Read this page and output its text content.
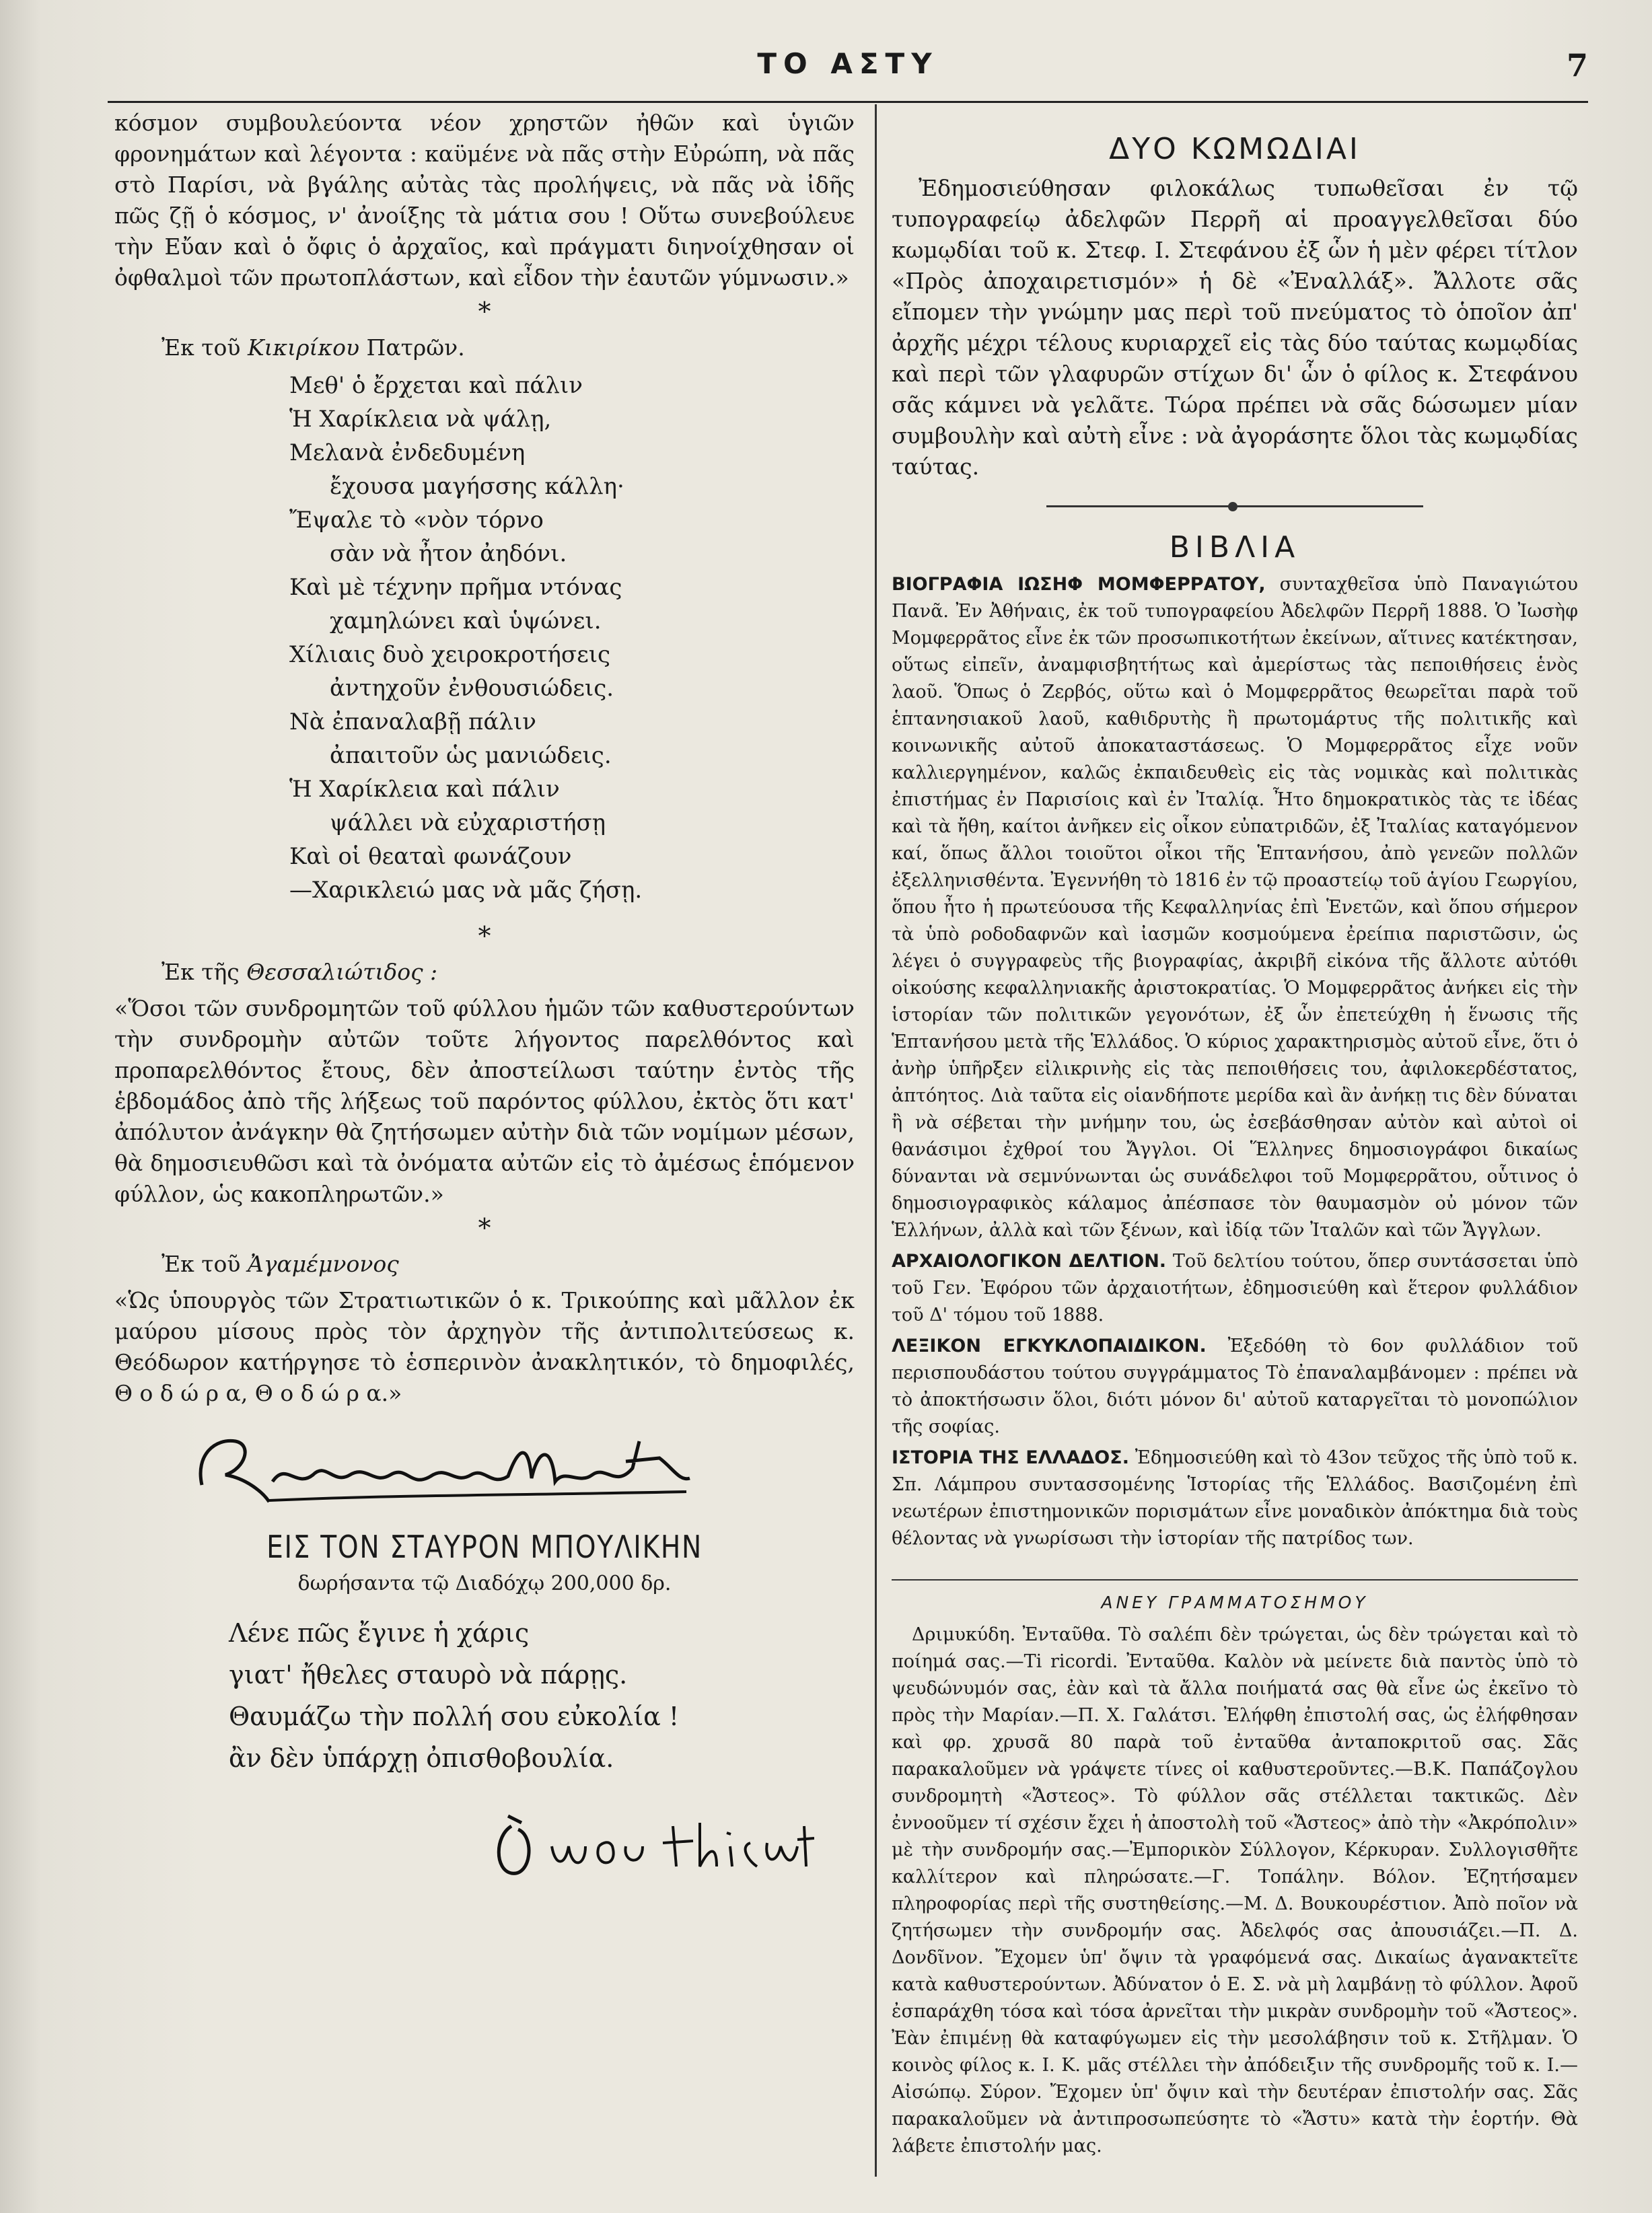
ΤΟ ΑΣΤΥ	7

κόσμον συμβουλεύοντα νέον χρηστῶν ἠθῶν καὶ ὑγιῶν φρονημάτων καὶ λέγοντα : καϋμένε νὰ πᾶς στὴν Εὐρώπη, νὰ πᾶς στὸ Παρίσι, νὰ βγάλης αὐτὰς τὰς προλήψεις, νὰ πᾶς νὰ ἰδῆς πῶς ζῇ ὁ κόσμος, ν' ἀνοίξης τὰ μάτια σου ! Οὕτω συνεβούλευε τὴν Εὔαν καὶ ὁ ὄφις ὁ ἀρχαῖος, καὶ πράγματι διηνοίχθησαν οἱ ὀφθαλμοὶ τῶν πρωτοπλάστων, καὶ εἶδον τὴν ἑαυτῶν γύμνωσιν.»

*
Ἐκ τοῦ Κικιρίκου Πατρῶν.
Μεθ' ὁ ἔρχεται καὶ πάλιν
Ἡ Χαρίκλεια νὰ ψάλῃ,
Μελανὰ ἐνδεδυμένη
ἔχουσα μαγήσσης κάλλη·
Ἔψαλε τὸ «νὸν τόρνο
σὰν νὰ ἦτον ἀηδόνι.
Καὶ μὲ τέχνην πρῆμα ντόνας
χαμηλώνει καὶ ὑψώνει.
Χίλιαις δυὸ χειροκροτήσεις
ἀντηχοῦν ἐνθουσιώδεις.
Νὰ ἐπαναλαβῇ πάλιν
ἀπαιτοῦν ὡς μανιώδεις.
Ἡ Χαρίκλεια καὶ πάλιν
ψάλλει νὰ εὐχαριστήσῃ
Καὶ οἱ θεαταὶ φωνάζουν
—Χαρικλειώ μας νὰ μᾶς ζήσῃ.
*
Ἐκ τῆς Θεσσαλιώτιδος :

«Ὅσοι τῶν συνδρομητῶν τοῦ φύλλου ἡμῶν τῶν καθυστερούντων τὴν συνδρομὴν αὐτῶν τοῦτε λήγοντος παρελθόντος καὶ προπαρελθόντος ἔτους, δὲν ἀποστείλωσι ταύτην ἐντὸς τῆς ἑβδομάδος ἀπὸ τῆς λήξεως τοῦ παρόντος φύλλου, ἐκτὸς ὅτι κατ' ἀπόλυτον ἀνάγκην θὰ ζητήσωμεν αὐτὴν διὰ τῶν νομίμων μέσων, θὰ δημοσιευθῶσι καὶ τὰ ὀνόματα αὐτῶν εἰς τὸ ἀμέσως ἑπόμενον φύλλον, ὡς κακοπληρωτῶν.»

*
Ἐκ τοῦ Ἀγαμέμνονος

«Ὡς ὑπουργὸς τῶν Στρατιωτικῶν ὁ κ. Τρικούπης καὶ μᾶλλον ἐκ μαύρου μίσους πρὸς τὸν ἀρχηγὸν τῆς ἀντιπολιτεύσεως κ. Θεόδωρον κατήργησε τὸ ἑσπερινὸν ἀνακλητικόν, τὸ δημοφιλές, Θ ο δ ώ ρ α, Θ ο δ ώ ρ α.»

ΕΙΣ ΤΟΝ ΣΤΑΥΡΟΝ ΜΠΟΥΛΙΚΗΝ
δωρήσαντα τῷ Διαδόχῳ 200,000 δρ.
Λένε πῶς ἔγινε ἡ χάρις
γιατ' ἤθελες σταυρὸ νὰ πάρῃς.
Θαυμάζω τὴν πολλή σου εὐκολία !
ἂν δὲν ὑπάρχῃ ὀπισθοβουλία.
ΔΥΟ ΚΩΜΩΔΙΑΙ

Ἐδημοσιεύθησαν φιλοκάλως τυπωθεῖσαι ἐν τῷ τυπογραφείῳ ἀδελφῶν Περρῆ αἱ προαγγελθεῖσαι δύο κωμῳδίαι τοῦ κ. Στεφ. Ι. Στεφάνου ἐξ ὧν ἡ μὲν φέρει τίτλον «Πρὸς ἀποχαιρετισμόν» ἡ δὲ «Ἐναλλάξ». Ἄλλοτε σᾶς εἴπομεν τὴν γνώμην μας περὶ τοῦ πνεύματος τὸ ὁποῖον ἀπ' ἀρχῆς μέχρι τέλους κυριαρχεῖ εἰς τὰς δύο ταύτας κωμῳδίας καὶ περὶ τῶν γλαφυρῶν στίχων δι' ὧν ὁ φίλος κ. Στεφάνου σᾶς κάμνει νὰ γελᾶτε. Τώρα πρέπει νὰ σᾶς δώσωμεν μίαν συμβουλὴν καὶ αὐτὴ εἶνε : νὰ ἀγοράσητε ὅλοι τὰς κωμῳδίας ταύτας.

ΒΙΒΛΙΑ

ΒΙΟΓΡΑΦΙΑ ΙΩΣΗΦ ΜΟΜΦΕΡΡΑΤΟΥ, συνταχθεῖσα ὑπὸ Παναγιώτου Πανᾶ. Ἐν Ἀθήναις, ἐκ τοῦ τυπογραφείου Ἀδελφῶν Περρῆ 1888. Ὁ Ἰωσὴφ Μομφερρᾶτος εἶνε ἐκ τῶν προσωπικοτήτων ἐκείνων, αἵτινες κατέκτησαν, οὕτως εἰπεῖν, ἀναμφισβητήτως καὶ ἀμερίστως τὰς πεποιθήσεις ἑνὸς λαοῦ. Ὅπως ὁ Ζερβός, οὕτω καὶ ὁ Μομφερρᾶτος θεωρεῖται παρὰ τοῦ ἑπτανησιακοῦ λαοῦ, καθιδρυτὴς ἢ πρωτομάρτυς τῆς πολιτικῆς καὶ κοινωνικῆς αὐτοῦ ἀποκαταστάσεως. Ὁ Μομφερρᾶτος εἶχε νοῦν καλλιεργημένον, καλῶς ἐκπαιδευθεὶς εἰς τὰς νομικὰς καὶ πολιτικὰς ἐπιστήμας ἐν Παρισίοις καὶ ἐν Ἰταλίᾳ. Ἦτο δημοκρατικὸς τὰς τε ἰδέας καὶ τὰ ἤθη, καίτοι ἀνῆκεν εἰς οἶκον εὐπατριδῶν, ἐξ Ἰταλίας καταγόμενον καί, ὅπως ἄλλοι τοιοῦτοι οἶκοι τῆς Ἑπτανήσου, ἀπὸ γενεῶν πολλῶν ἐξελληνισθέντα. Ἐγεννήθη τὸ 1816 ἐν τῷ προαστείῳ τοῦ ἁγίου Γεωργίου, ὅπου ἦτο ἡ πρωτεύουσα τῆς Κεφαλληνίας ἐπὶ Ἑνετῶν, καὶ ὅπου σήμερον τὰ ὑπὸ ροδοδαφνῶν καὶ ἰασμῶν κοσμούμενα ἐρείπια παριστῶσιν, ὡς λέγει ὁ συγγραφεὺς τῆς βιογραφίας, ἀκριβῆ εἰκόνα τῆς ἄλλοτε αὐτόθι οἰκούσης κεφαλληνιακῆς ἀριστοκρατίας. Ὁ Μομφερρᾶτος ἀνήκει εἰς τὴν ἱστορίαν τῶν πολιτικῶν γεγονότων, ἐξ ὧν ἐπετεύχθη ἡ ἕνωσις τῆς Ἑπτανήσου μετὰ τῆς Ἑλλάδος. Ὁ κύριος χαρακτηρισμὸς αὐτοῦ εἶνε, ὅτι ὁ ἀνὴρ ὑπῆρξεν εἰλικρινὴς εἰς τὰς πεποιθήσεις του, ἀφιλοκερδέστατος, ἀπτόητος. Διὰ ταῦτα εἰς οἱανδήποτε μερίδα καὶ ἂν ἀνήκῃ τις δὲν δύναται ἢ νὰ σέβεται τὴν μνήμην του, ὡς ἐσεβάσθησαν αὐτὸν καὶ αὐτοὶ οἱ θανάσιμοι ἐχθροί του Ἄγγλοι. Οἱ Ἕλληνες δημοσιογράφοι δικαίως δύνανται νὰ σεμνύνωνται ὡς συνάδελφοι τοῦ Μομφερρᾶτου, οὗτινος ὁ δημοσιογραφικὸς κάλαμος ἀπέσπασε τὸν θαυμασμὸν οὐ μόνον τῶν Ἑλλήνων, ἀλλὰ καὶ τῶν ξένων, καὶ ἰδίᾳ τῶν Ἰταλῶν καὶ τῶν Ἄγγλων.

ΑΡΧΑΙΟΛΟΓΙΚΟΝ ΔΕΛΤΙΟΝ. Τοῦ δελτίου τούτου, ὅπερ συντάσσεται ὑπὸ τοῦ Γεν. Ἐφόρου τῶν ἀρχαιοτήτων, ἐδημοσιεύθη καὶ ἕτερον φυλλάδιον τοῦ Δ' τόμου τοῦ 1888.

ΛΕΞΙΚΟΝ ΕΓΚΥΚΛΟΠΑΙΔΙΚΟΝ. Ἐξεδόθη τὸ 6ον φυλλάδιον τοῦ περισπουδάστου τούτου συγγράμματος Τὸ ἐπαναλαμβάνομεν : πρέπει νὰ τὸ ἀποκτήσωσιν ὅλοι, διότι μόνον δι' αὐτοῦ καταργεῖται τὸ μονοπώλιον τῆς σοφίας.

ΙΣΤΟΡΙΑ ΤΗΣ ΕΛΛΑΔΟΣ. Ἐδημοσιεύθη καὶ τὸ 43ον τεῦχος τῆς ὑπὸ τοῦ κ. Σπ. Λάμπρου συντασσομένης Ἱστορίας τῆς Ἑλλάδος. Βασιζομένη ἐπὶ νεωτέρων ἐπιστημονικῶν πορισμάτων εἶνε μοναδικὸν ἀπόκτημα διὰ τοὺς θέλοντας νὰ γνωρίσωσι τὴν ἱστορίαν τῆς πατρίδος των.

ΑΝΕΥ ΓΡΑΜΜΑΤΟΣΗΜΟΥ

Δριμυκύδη. Ἐνταῦθα. Τὸ σαλέπι δὲν τρώγεται, ὡς δὲν τρώγεται καὶ τὸ ποίημά σας.—Ti ricordi. Ἐνταῦθα. Καλὸν νὰ μείνετε διὰ παντὸς ὑπὸ τὸ ψευδώνυμόν σας, ἐὰν καὶ τὰ ἄλλα ποιήματά σας θὰ εἶνε ὡς ἐκεῖνο τὸ πρὸς τὴν Μαρίαν.—Π. Χ. Γαλάτσι. Ἐλήφθη ἐπιστολή σας, ὡς ἐλήφθησαν καὶ φρ. χρυσᾶ 80 παρὰ τοῦ ἐνταῦθα ἀνταποκριτοῦ σας. Σᾶς παρακαλοῦμεν νὰ γράψετε τίνες οἱ καθυστεροῦντες.—Β.Κ. Παπάζογλου συνδρομητὴ «Ἄστεος». Τὸ φύλλον σᾶς στέλλεται τακτικῶς. Δὲν ἐννοοῦμεν τί σχέσιν ἔχει ἡ ἀποστολὴ τοῦ «Ἄστεος» ἀπὸ τὴν «Ἀκρόπολιν» μὲ τὴν συνδρομήν σας.—Ἐμπορικὸν Σύλλογον, Κέρκυραν. Συλλογισθῆτε καλλίτερον καὶ πληρώσατε.—Γ. Τοπάλην. Βόλον. Ἐζητήσαμεν πληροφορίας περὶ τῆς συστηθείσης.—Μ. Δ. Βουκουρέστιον. Ἀπὸ ποῖον νὰ ζητήσωμεν τὴν συνδρομήν σας. Ἀδελφός σας ἀπουσιάζει.—Π. Δ. Δονδῖνον. Ἔχομεν ὑπ' ὄψιν τὰ γραφόμενά σας. Δικαίως ἀγανακτεῖτε κατὰ καθυστερούντων. Ἀδύνατον ὁ Ε. Σ. νὰ μὴ λαμβάνῃ τὸ φύλλον. Ἀφοῦ ἐσπαράχθη τόσα καὶ τόσα ἀρνεῖται τὴν μικρὰν συνδρομὴν τοῦ «Ἄστεος». Ἐὰν ἐπιμένῃ θὰ καταφύγωμεν εἰς τὴν μεσολάβησιν τοῦ κ. Στῆλμαν. Ὁ κοινὸς φίλος κ. Ι. Κ. μᾶς στέλλει τὴν ἀπόδειξιν τῆς συνδρομῆς τοῦ κ. Ι.—Αἰσώπῳ. Σύρον. Ἔχομεν ὑπ' ὄψιν καὶ τὴν δευτέραν ἐπιστολήν σας. Σᾶς παρακαλοῦμεν νὰ ἀντιπροσωπεύσητε τὸ «Ἄστυ» κατὰ τὴν ἑορτήν. Θὰ λάβετε ἐπιστολήν μας.
